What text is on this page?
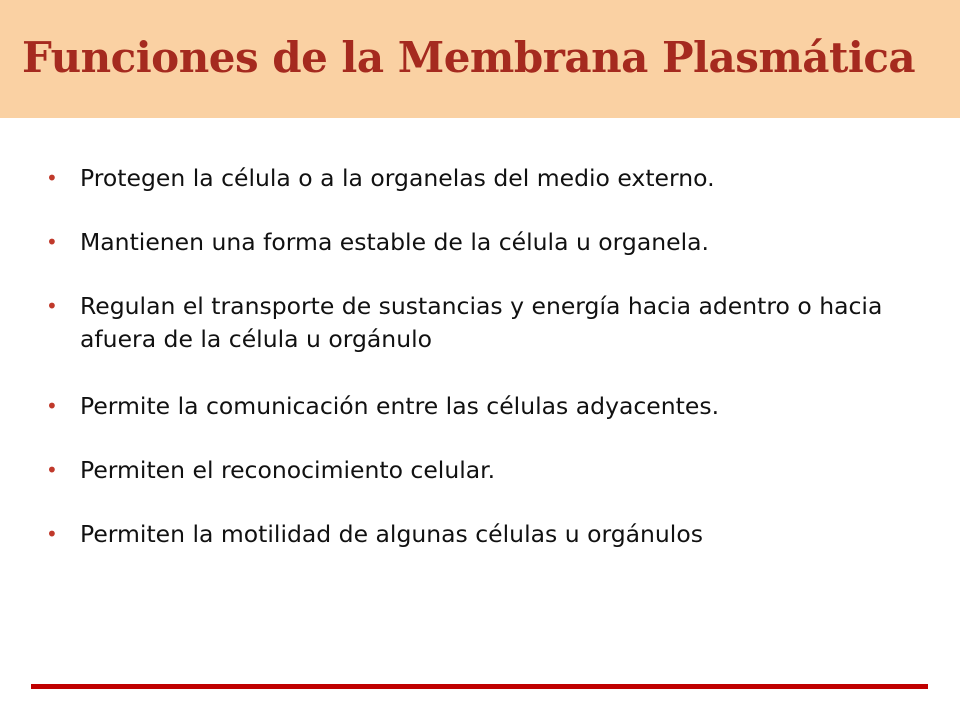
Funciones de la Membrana Plasmática
• Protegen la célula o a la organelas del medio externo.
• Mantienen una forma estable de la célula u organela.
• Regulan el transporte de sustancias y energía hacia adentro o hacia afuera de la célula u orgánulo
• Permite la comunicación entre las células adyacentes.
• Permiten el reconocimiento celular.
• Permiten la motilidad de algunas células u orgánulos
